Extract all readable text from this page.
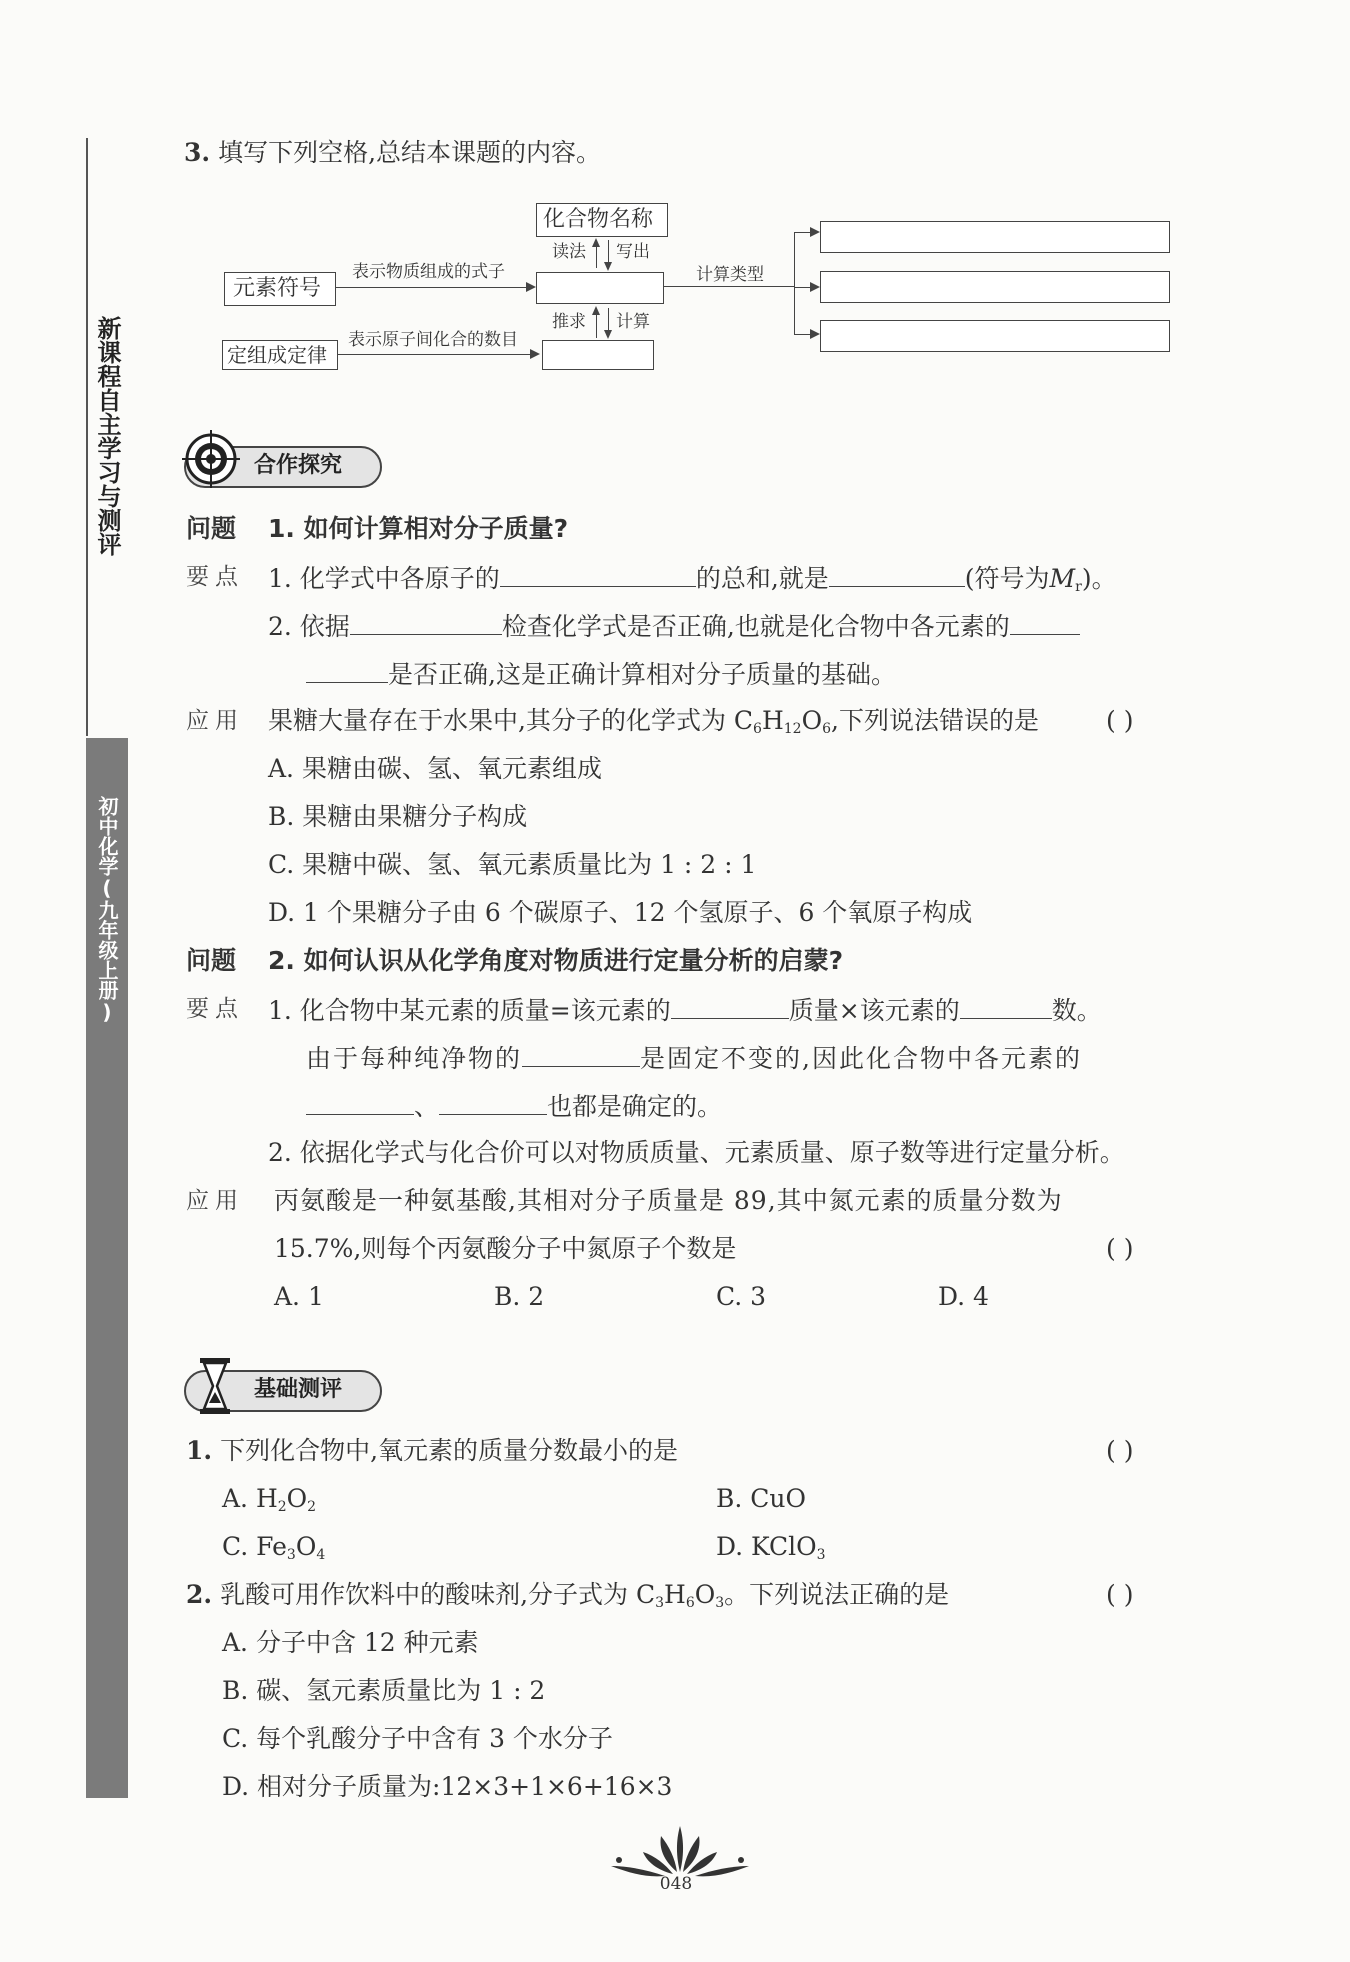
新课程自主学习与测评
初中化学(九年级上册)
3. 填写下列空格,总结本课题的内容。
化合物名称
读法 写出
元素符号
表示物质组成的式子	计算类型
推求 计算
定组成定律
表示原子间化合的数目
合作探究
问题 1. 如何计算相对分子质量?
要点 1. 化学式中各原子的	的总和,就是	(符号为$M_r$)。
2. 依据	检查化学式是否正确,也就是化合物中各元素的
是否正确,这是正确计算相对分子质量的基础。
应用 果糖大量存在于水果中,其分子的化学式为 $C_6H_{12}O_6$,下列说法错误的是	( )
A. 果糖由碳、氢、氧元素组成
B. 果糖由果糖分子构成
C. 果糖中碳、氢、氧元素质量比为 1 : 2 : 1
D. 1 个果糖分子由 6 个碳原子、12 个氢原子、6 个氧原子构成
问题 2. 如何认识从化学角度对物质进行定量分析的启蒙?
要点 1. 化合物中某元素的质量=该元素的	质量×该元素的	数。
由于每种纯净物的	是固定不变的,因此化合物中各元素的
、	也都是确定的。
2. 依据化学式与化合价可以对物质质量、元素质量、原子数等进行定量分析。
应用 丙氨酸是一种氨基酸,其相对分子质量是 89,其中氮元素的质量分数为
15.7%,则每个丙氨酸分子中氮原子个数是	( )
A. 1	B. 2	C. 3	D. 4
基础测评
1. 下列化合物中,氧元素的质量分数最小的是	( )
A. $H_2O_2$	B. CuO
C. $Fe_3O_4$	D. KClO$_3$
2. 乳酸可用作饮料中的酸味剂,分子式为 $C_3H_6O_3$。下列说法正确的是	( )
A. 分子中含 12 种元素
B. 碳、氢元素质量比为 1 : 2
C. 每个乳酸分子中含有 3 个水分子
D. 相对分子质量为:12×3+1×6+16×3
048
